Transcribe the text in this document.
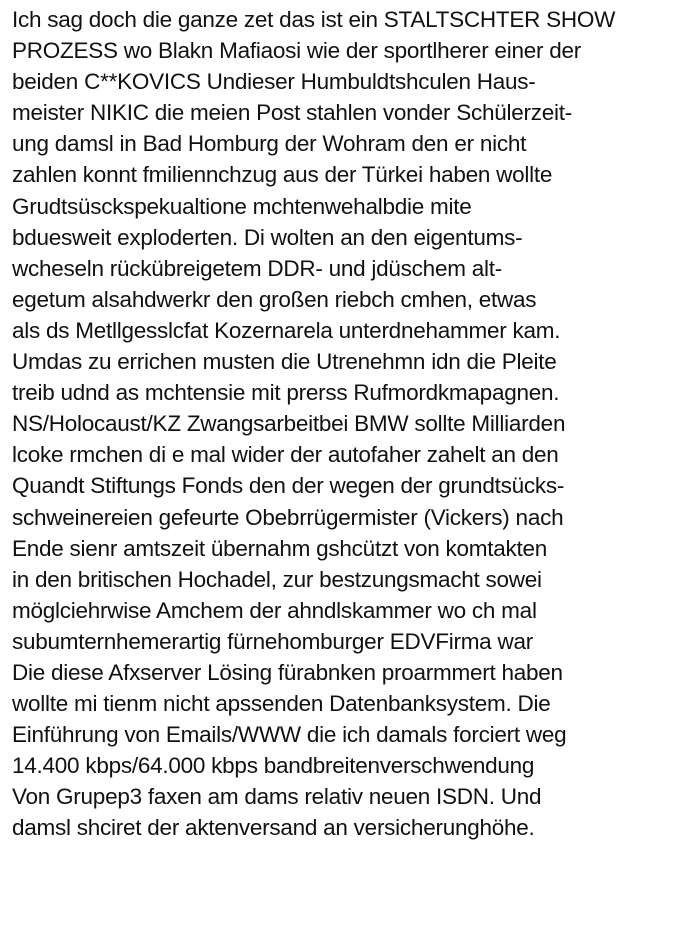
Ich sag doch die ganze zet das ist ein STALTSCHTER SHOW
PROZESS wo Blakn Mafiaosi wie der sportlherer einer der
beiden C**KOVICS Undieser Humbuldtshculen Haus-
meister NIKIC die meien Post stahlen vonder Schülerzeit-
ung damsl in Bad Homburg der Wohram den er nicht
zahlen konnt fmiliennchzug aus der Türkei haben wollte
Grudtsüsckspekualtione mchtenwehalbdie mite
bduesweit exploderten. Di wolten an den eigentums-
wcheseln rückübreigetem DDR- und jdüschem alt-
egetum alsahdwerkr den großen riebch cmhen, etwas
als ds Metllgesslcfat Kozernarela unterdnehammer kam.
Umdas zu errichen musten die Utrenehmn idn die Pleite
treib udnd as mchtensie mit prerss Rufmordkmapagnen.
NS/Holocaust/KZ Zwangsarbeitbei BMW sollte Milliarden
lcoke rmchen di e mal wider der autofaher zahelt an den
Quandt Stiftungs Fonds den der wegen der grundtsücks-
schweinereien gefeurte Obebrrügermister (Vickers) nach
Ende sienr amtszeit übernahm gshcützt von komtakten
in den britischen Hochadel, zur bestzungsmacht sowei
möglciehrwise Amchem der ahndlskammer wo ch mal
subumternhemerartig fürnehomburger EDVFirma war
Die diese Afxserver Lösing fürabnken proarmmert haben
wollte mi tienm nicht apssenden Datenbanksystem. Die
Einführung von Emails/WWW die ich damals forciert weg
14.400 kbps/64.000 kbps bandbreitenverschwendung
Von Grupep3 faxen am dams relativ neuen ISDN. Und
damsl shciret der aktenversand an versicherunghöhe.
